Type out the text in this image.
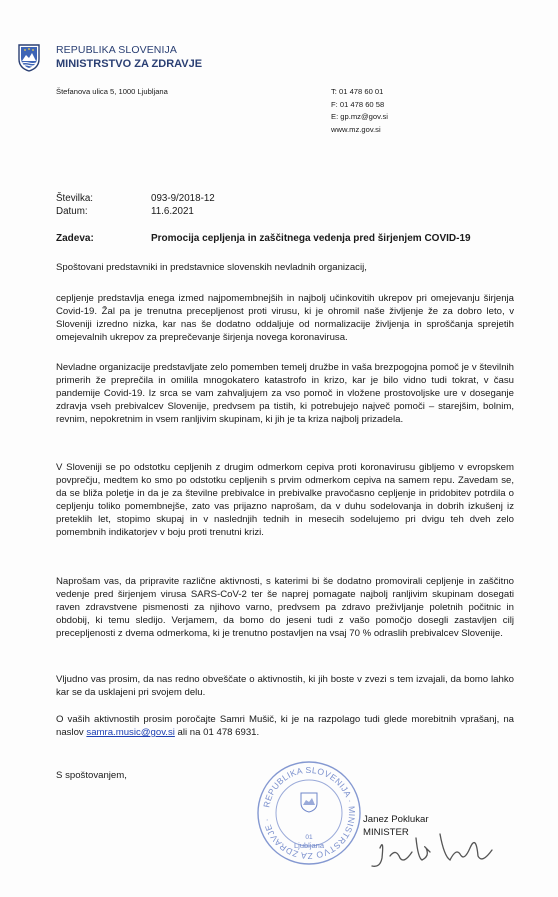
REPUBLIKA SLOVENIJA
MINISTRSTVO ZA ZDRAVJE
Štefanova ulica 5, 1000 Ljubljana	T: 01 478 60 01
F: 01 478 60 58
E: gp.mz@gov.si
www.mz.gov.si
Številka:	093-9/2018-12
Datum:	11.6.2021
Zadeva:	Promocija cepljenja in zaščitnega vedenja pred širjenjem COVID-19
Spoštovani predstavniki in predstavnice slovenskih nevladnih organizacij,
cepljenje predstavlja enega izmed najpomembnejših in najbolj učinkovitih ukrepov pri omejevanju širjenja Covid-19. Žal pa je trenutna precepljenost proti virusu, ki je ohromil naše življenje že za dobro leto, v Sloveniji izredno nizka, kar nas še dodatno oddaljuje od normalizacije življenja in sproščanja sprejetih omejevalnih ukrepov za preprečevanje širjenja novega koronavirusa.
Nevladne organizacije predstavljate zelo pomemben temelj družbe in vaša brezpogojna pomoč je v številnih primerih že preprečila in omilila mnogokatero katastrofo in krizo, kar je bilo vidno tudi tokrat, v času pandemije Covid-19. Iz srca se vam zahvaljujem za vso pomoč in vložene prostovoljske ure v doseganje zdravja vseh prebivalcev Slovenije, predvsem pa tistih, ki potrebujejo največ pomoči – starejšim, bolnim, revnim, nepokretnim in vsem ranljivim skupinam, ki jih je ta kriza najbolj prizadela.
V Sloveniji se po odstotku cepljenih z drugim odmerkom cepiva proti koronavirusu gibljemo v evropskem povprečju, medtem ko smo po odstotku cepljenih s prvim odmerkom cepiva na samem repu. Zavedam se, da se bliža poletje in da je za številne prebivalce in prebivalke pravočasno cepljenje in pridobitev potrdila o cepljenju toliko pomembnejše, zato vas prijazno naprošam, da v duhu sodelovanja in dobrih izkušenj iz preteklih let, stopimo skupaj in v naslednjih tednih in mesecih sodelujemo pri dvigu teh dveh zelo pomembnih indikatorjev v boju proti trenutni krizi.
Naprošam vas, da pripravite različne aktivnosti, s katerimi bi še dodatno promovirali cepljenje in zaščitno vedenje pred širjenjem virusa SARS-CoV-2 ter še naprej pomagate najbolj ranljivim skupinam dosegati raven zdravstvene pismenosti za njihovo varno, predvsem pa zdravo preživljanje poletnih počitnic in obdobij, ki temu sledijo. Verjamem, da bomo do jeseni tudi z vašo pomočjo dosegli zastavljen cilj precepljenosti z dvema odmerkoma, ki je trenutno postavljen na vsaj 70 % odraslih prebivalcev Slovenije.
Vljudno vas prosim, da nas redno obveščate o aktivnostih, ki jih boste v zvezi s tem izvajali, da bomo lahko kar se da usklajeni pri svojem delu.
O vaših aktivnostih prosim poročajte Samri Mušič, ki je na razpolago tudi glede morebitnih vprašanj, na naslov samra.music@gov.si ali na 01 478 6931.
S spoštovanjem,
REPUBLIKA SLOVENIJA · MINISTRSTVO ZA ZDRAVJE ·
01
Ljubljana
Janez Poklukar
MINISTER
